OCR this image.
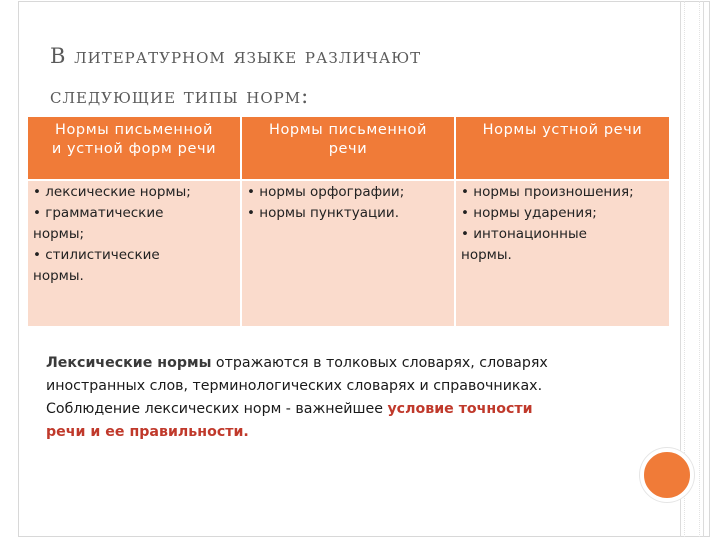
В литературном языке различают
следующие типы норм:
Нормы письменной
и устной форм речи
Нормы письменной
речи
Нормы устной речи
• лексические нормы;
• грамматические
нормы;
• стилистические
нормы.
• нормы орфографии;
• нормы пунктуации.
• нормы произношения;
• нормы ударения;
• интонационные
нормы.
Лексические нормы отражаются в толковых словарях, словарях
иностранных слов, терминологических словарях и справочниках.
Соблюдение лексических норм - важнейшее условие точности
речи и ее правильности.
